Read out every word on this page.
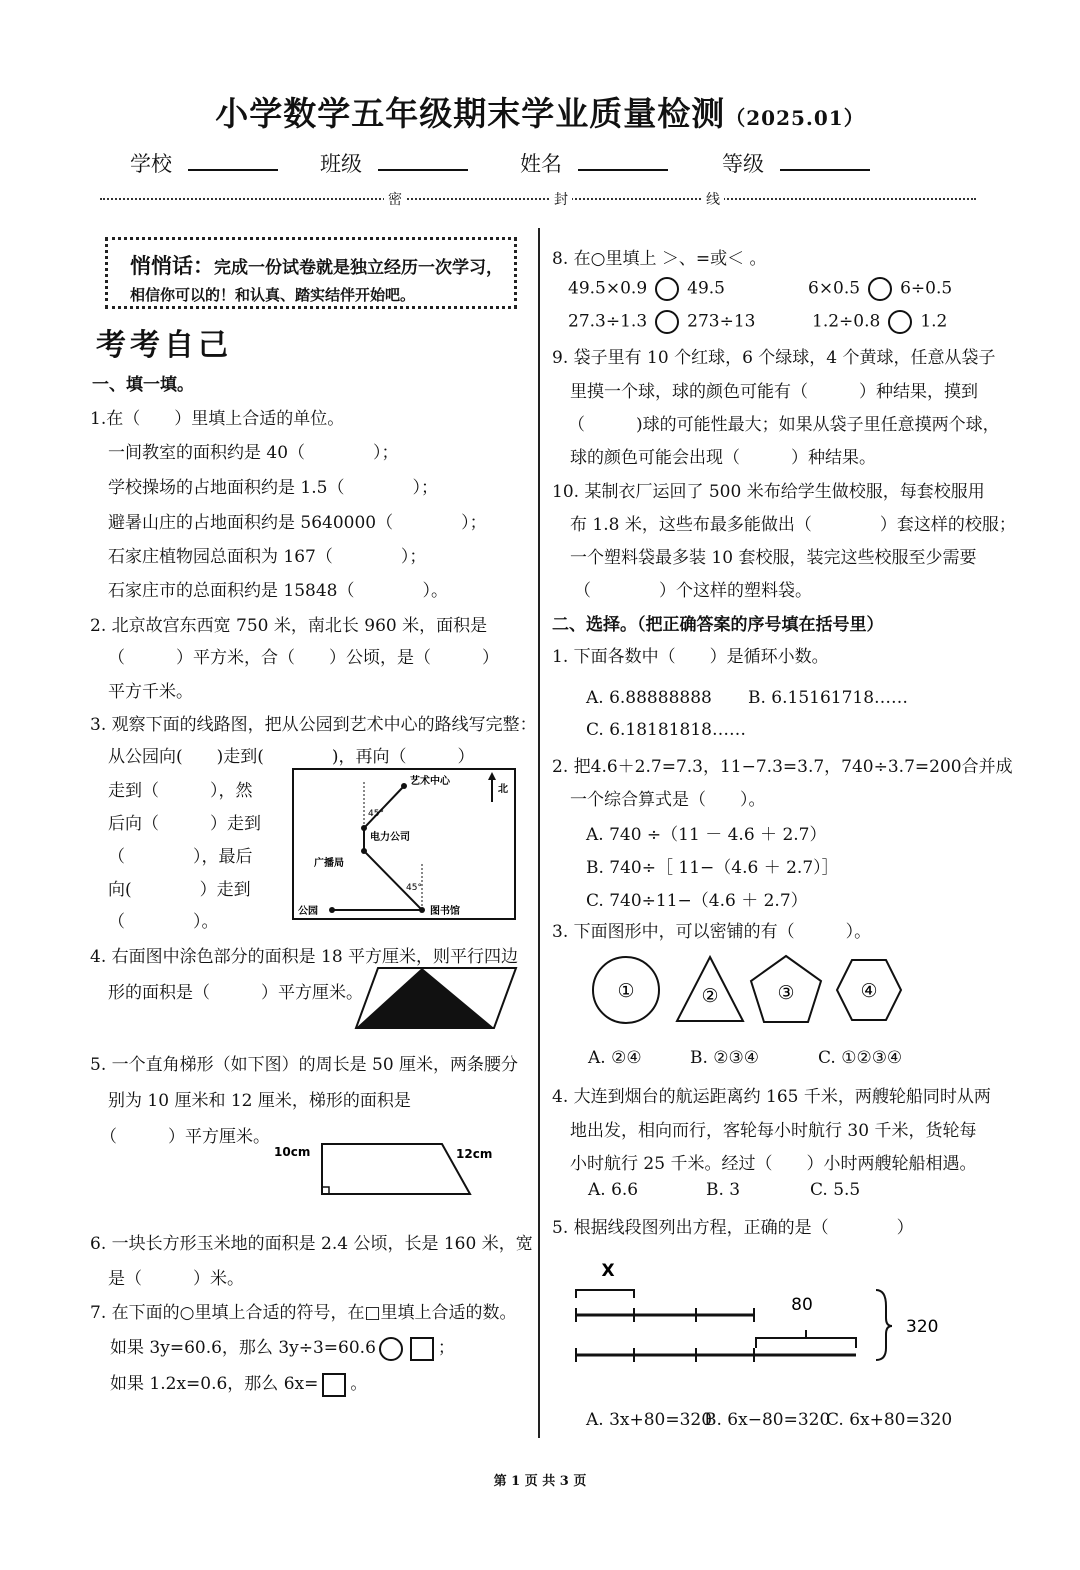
小学数学五年级期末学业质量检测（2025.01）
学校	班级	姓名	等级
密	封	线
悄悄话：完成一份试卷就是独立经历一次学习，
相信你可以的！和认真、踏实结伴开始吧。
考考自己
一、填一填。
1.在（　　）里填上合适的单位。
一间教室的面积约是 40（　　　　）；
学校操场的占地面积约是 1.5（　　　　）；
避暑山庄的占地面积约是 5640000（　　　　）；
石家庄植物园总面积为 167（　　　　）；
石家庄市的总面积约是 15848（　　　　）。
2. 北京故宫东西宽 750 米，南北长 960 米，面积是
（　　　）平方米，合（　　）公顷，是（　　　）
平方千米。
3. 观察下面的线路图，把从公园到艺术中心的路线写完整：
从公园向(　　)走到(　　　　)，再向（　　　）
走到（　　　），然
后向（　　　）走到
（　　　　），最后
向(　　　　）走到
（　　　　）。
北
艺术中心
电力公司
广播局
公园	图书馆
45°
45°
4. 右面图中涂色部分的面积是 18 平方厘米，则平行四边
形的面积是（　　　）平方厘米。
5. 一个直角梯形（如下图）的周长是 50 厘米，两条腰分
别为 10 厘米和 12 厘米，梯形的面积是
（　　　）平方厘米。
10cm	12cm
6. 一块长方形玉米地的面积是 2.4 公顷，长是 160 米，宽
是（　　　）米。
7. 在下面的○里填上合适的符号，在□里填上合适的数。
如果 3y=60.6，那么 3y÷3=60.6	；
如果 1.2x=0.6，那么 6x= 。
8. 在○里填上 ＞、=或＜ 。
49.5×0.9 49.5	6×0.5 6÷0.5
27.3÷1.3 273÷13	1.2÷0.8 1.2
9. 袋子里有 10 个红球，6 个绿球，4 个黄球，任意从袋子
里摸一个球，球的颜色可能有（　　　）种结果，摸到
（　　　)球的可能性最大；如果从袋子里任意摸两个球，
球的颜色可能会出现（　　　）种结果。
10. 某制衣厂运回了 500 米布给学生做校服，每套校服用
布 1.8 米，这些布最多能做出（　　　　）套这样的校服；
一个塑料袋最多装 10 套校服，装完这些校服至少需要
（　　　　）个这样的塑料袋。
二、选择。（把正确答案的序号填在括号里）
1. 下面各数中（　　）是循环小数。
A. 6.88888888 B. 6.15161718……
C. 6.18181818……
2. 把4.6＋2.7=7.3，11−7.3=3.7，740÷3.7=200合并成
一个综合算式是（　　）。
A. 740 ÷（11 － 4.6 ＋ 2.7）
B. 740÷［ 11−（4.6 ＋ 2.7）］
C. 740÷11−（4.6 ＋ 2.7）
3. 下面图形中，可以密铺的有（　　　）。
①	②	③	④
A. ②④	B. ②③④	C. ①②③④
4. 大连到烟台的航运距离约 165 千米，两艘轮船同时从两
地出发，相向而行，客轮每小时航行 30 千米，货轮每
小时航行 25 千米。经过（　　）小时两艘轮船相遇。
A. 6.6	B. 3	C. 5.5
5. 根据线段图列出方程，正确的是（　　　　）
X
80
320
A. 3x+80=320
B. 6x−80=320
C. 6x+80=320
第 1 页 共 3 页
